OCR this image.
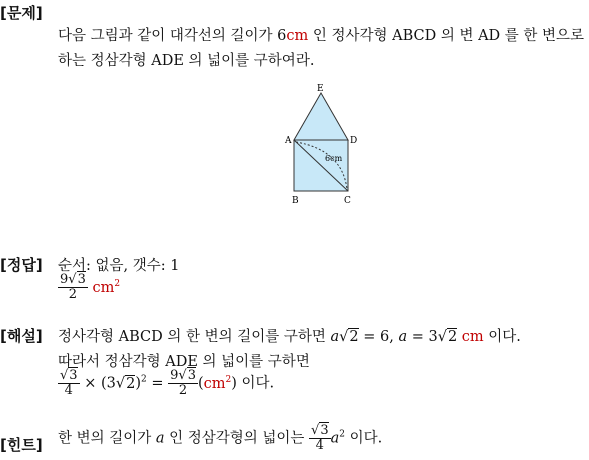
[문제]
다음 그림과 같이 대각선의 길이가 6cm 인 정사각형 ABCD 의 변 AD 를 한 변으로
하는 정삼각형 ADE 의 넓이를 구하여라.
E
A	D
B	C
6cm
[정답] 순서: 없음, 갯수: 1
$\frac{9√3}{2} cm^2$
[해설] 정사각형 ABCD 의 한 변의 길이를 구하면 a√2 = 6, a = 3√2 cm 이다.
따라서 정삼각형 ADE 의 넓이를 구하면
$\frac{√3}{4} \times (3√2)^2 = \frac{9√3}{2} (cm^2)$ 이다.
[힌트] 한 변의 길이가 a 인 정삼각형의 넓이는 $\frac{√3}{4} a^2$ 이다.
